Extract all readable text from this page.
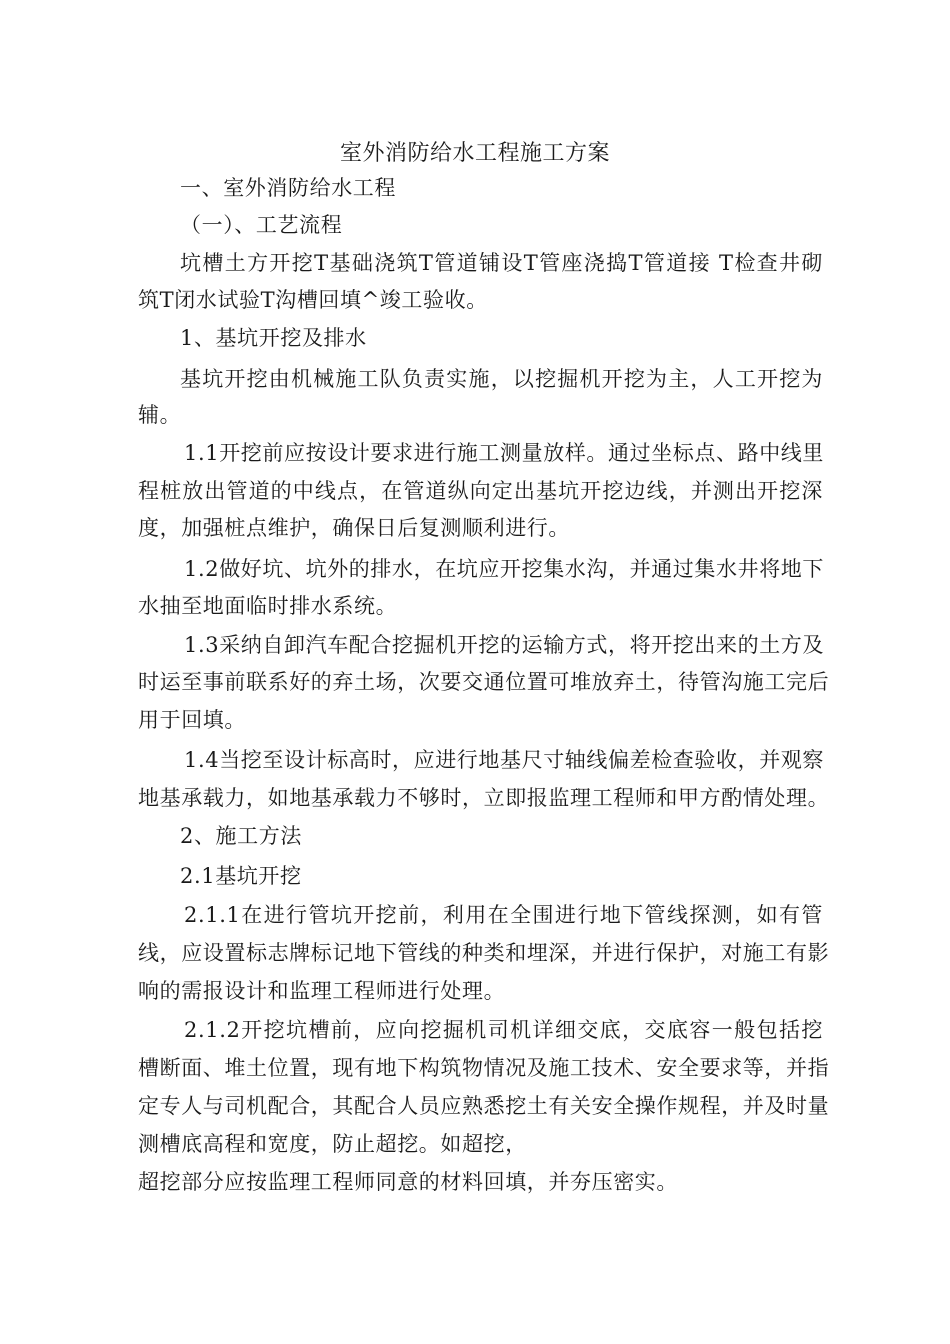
室外消防给水工程施工方案
一、室外消防给水工程
（一）、工艺流程
坑槽土方开挖T基础浇筑T管道铺设T管座浇捣T管道接 T检查井砌
筑T闭水试验T沟槽回填^竣工验收。
1、基坑开挖及排水
基坑开挖由机械施工队负责实施，以挖掘机开挖为主，人工开挖为
辅。
1.1开挖前应按设计要求进行施工测量放样。通过坐标点、路中线里
程桩放出管道的中线点，在管道纵向定出基坑开挖边线，并测出开挖深
度，加强桩点维护，确保日后复测顺利进行。
1.2做好坑、坑外的排水，在坑应开挖集水沟，并通过集水井将地下
水抽至地面临时排水系统。
1.3采纳自卸汽车配合挖掘机开挖的运输方式，将开挖出来的土方及
时运至事前联系好的弃土场，次要交通位置可堆放弃土，待管沟施工完后
用于回填。
1.4当挖至设计标高时，应进行地基尺寸轴线偏差检查验收，并观察
地基承载力，如地基承载力不够时，立即报监理工程师和甲方酌情处理。
2、施工方法
2.1基坑开挖
2.1.1在进行管坑开挖前，利用在全围进行地下管线探测，如有管
线，应设置标志牌标记地下管线的种类和埋深，并进行保护，对施工有影
响的需报设计和监理工程师进行处理。
2.1.2开挖坑槽前，应向挖掘机司机详细交底，交底容一般包括挖
槽断面、堆土位置，现有地下构筑物情况及施工技术、安全要求等，并指
定专人与司机配合，其配合人员应熟悉挖土有关安全操作规程，并及时量
测槽底高程和宽度，防止超挖。如超挖，
超挖部分应按监理工程师同意的材料回填，并夯压密实。
